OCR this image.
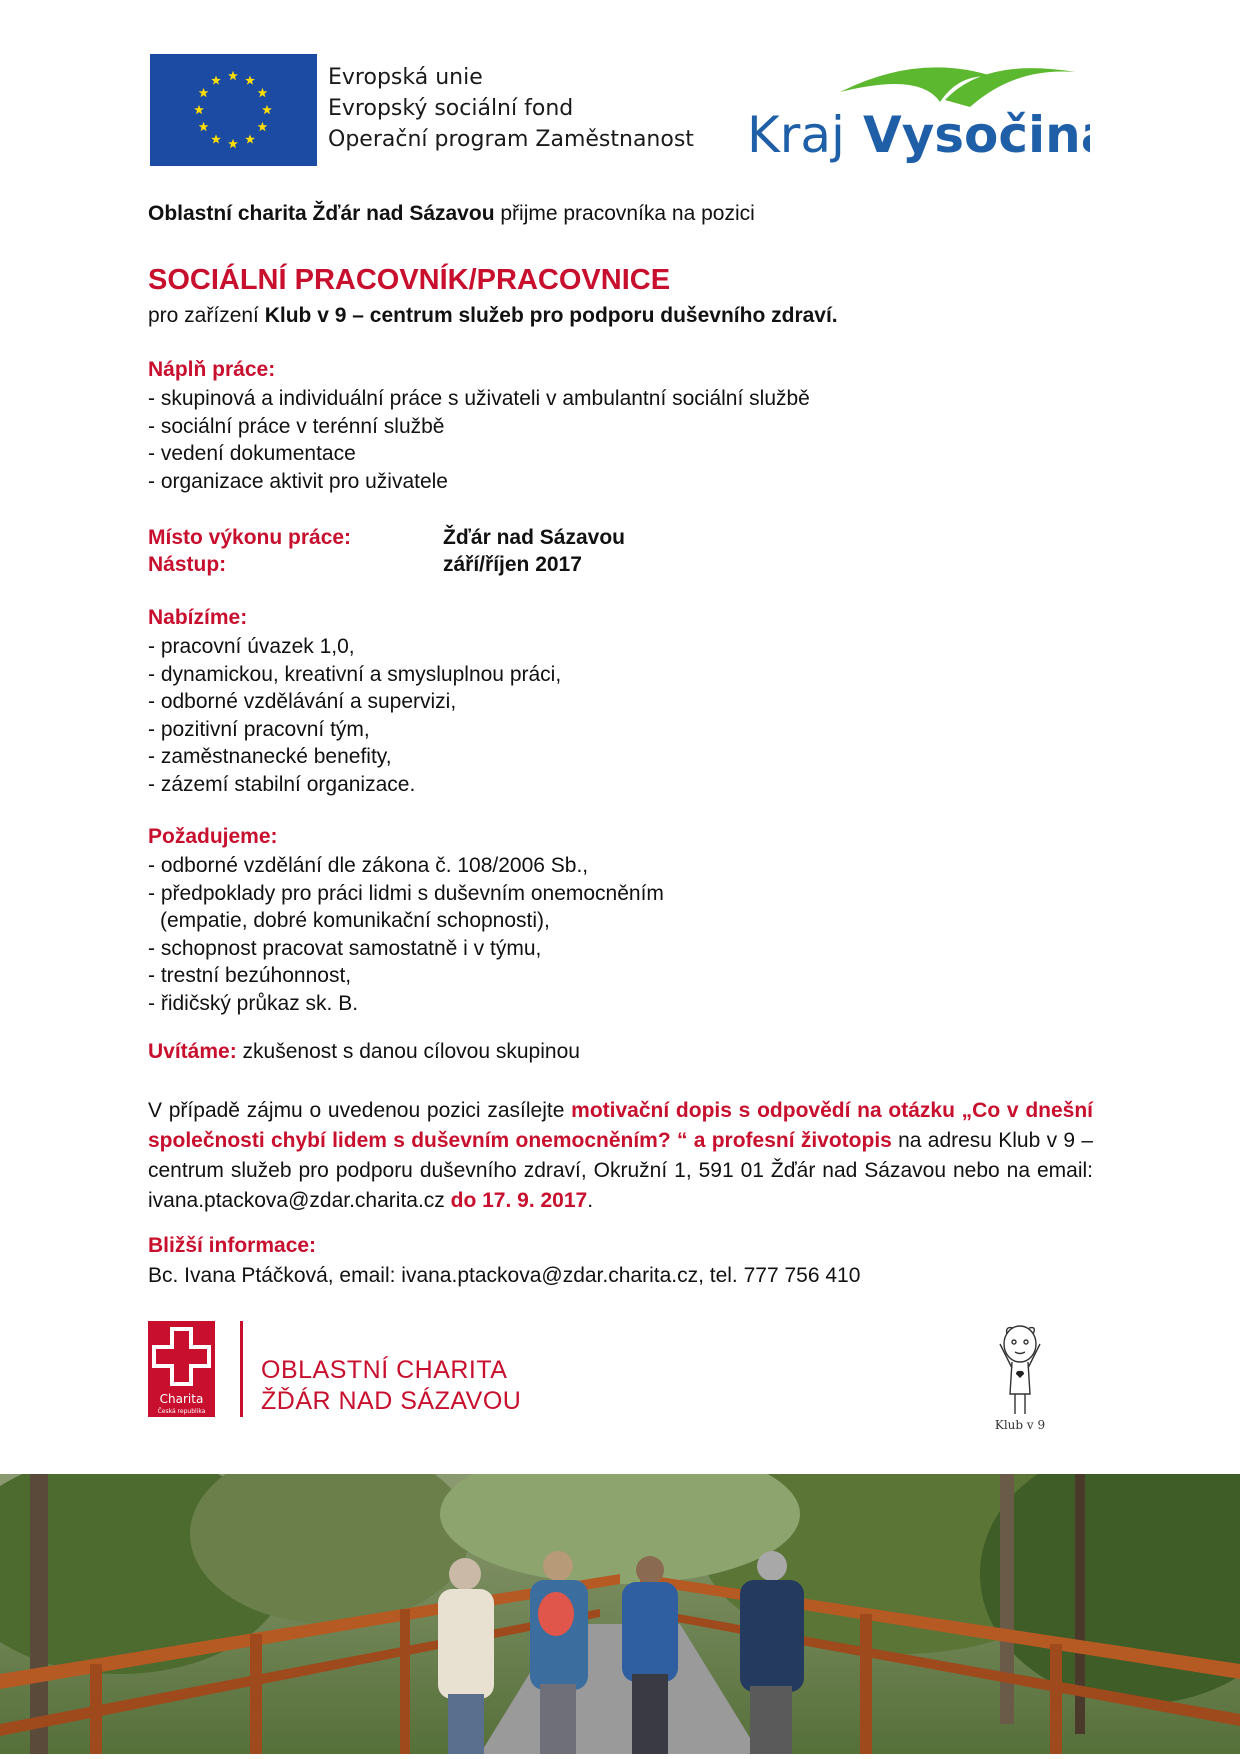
Evropská unie
Evropský sociální fond
Operační program Zaměstnanost Kraj Vysočina
Oblastní charita Žďár nad Sázavou přijme pracovníka na pozici
SOCIÁLNÍ PRACOVNÍK/PRACOVNICE
pro zařízení Klub v 9 – centrum služeb pro podporu duševního zdraví.
Náplň práce:
- skupinová a individuální práce s uživateli v ambulantní sociální službě
- sociální práce v terénní službě
- vedení dokumentace
- organizace aktivit pro uživatele
Místo výkonu práce:	Žďár nad Sázavou
Nástup:	září/říjen 2017
Nabízíme:
- pracovní úvazek 1,0,
- dynamickou, kreativní a smysluplnou práci,
- odborné vzdělávání a supervizi,
- pozitivní pracovní tým,
- zaměstnanecké benefity,
- zázemí stabilní organizace.
Požadujeme:
- odborné vzdělání dle zákona č. 108/2006 Sb.,
- předpoklady pro práci lidmi s duševním onemocněním
(empatie, dobré komunikační schopnosti),
- schopnost pracovat samostatně i v týmu,
- trestní bezúhonnost,
- řidičský průkaz sk. B.
Uvítáme: zkušenost s danou cílovou skupinou
V případě zájmu o uvedenou pozici zasílejte motivační dopis s odpovědí na otázku „Co v dnešní společnosti chybí lidem s duševním onemocněním? “ a profesní životopis na adresu Klub v 9 – centrum služeb pro podporu duševního zdraví, Okružní 1, 591 01 Žďár nad Sázavou nebo na email: ivana.ptackova@zdar.charita.cz do 17. 9. 2017.
Bližší informace:
Bc. Ivana Ptáčková, email: ivana.ptackova@zdar.charita.cz, tel. 777 756 410
Charita
Česká republika
OBLASTNÍ CHARITA
ŽĎÁR NAD SÁZAVOU
Klub v 9
